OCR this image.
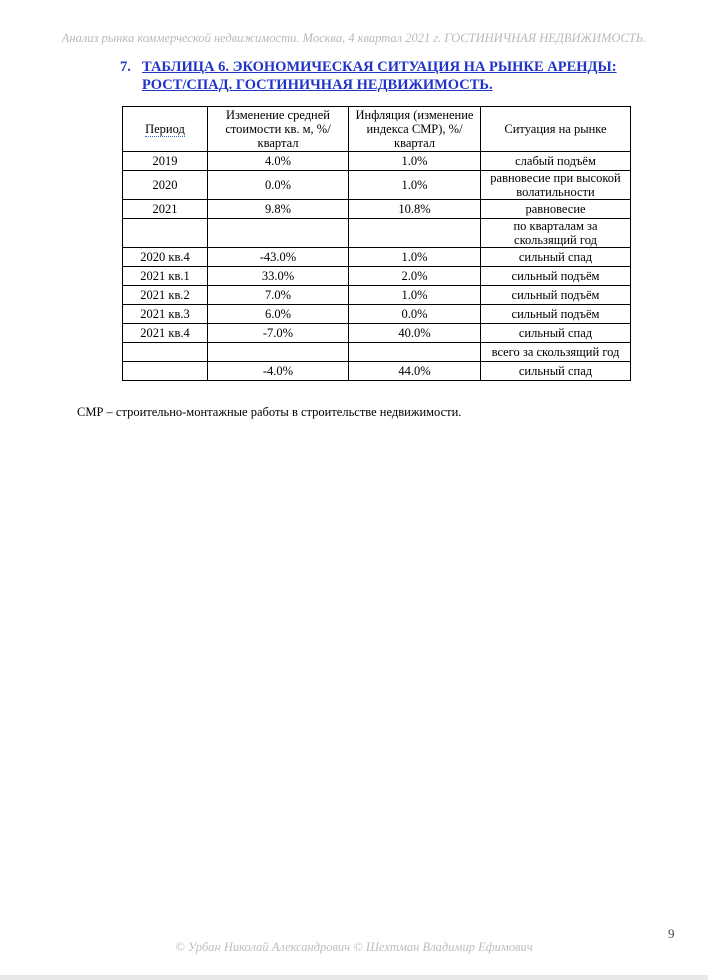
Анализ рынка коммерческой недвижимости. Москва, 4 квартал 2021 г. ГОСТИНИЧНАЯ НЕДВИЖИМОСТЬ.
7. ТАБЛИЦА 6. ЭКОНОМИЧЕСКАЯ СИТУАЦИЯ НА РЫНКЕ АРЕНДЫ:
РОСТ/СПАД. ГОСТИНИЧНАЯ НЕДВИЖИМОСТЬ.
Период	Изменение средней стоимости кв. м, %/квартал	Инфляция (изменение индекса СМР), %/ квартал	Ситуация на рынке
2019	4.0%	1.0%	слабый подъём
2020	0.0%	1.0%	равновесие при высокой волатильности
2021	9.8%	10.8%	равновесие
			по кварталам за скользящий год
2020 кв.4	-43.0%	1.0%	сильный спад
2021 кв.1	33.0%	2.0%	сильный подъём
2021 кв.2	7.0%	1.0%	сильный подъём
2021 кв.3	6.0%	0.0%	сильный подъём
2021 кв.4	-7.0%	40.0%	сильный спад
			всего за скользящий год
	-4.0%	44.0%	сильный спад
СМР – строительно-монтажные работы в строительстве недвижимости.
9
© Урбан Николай Александрович © Шехтман Владимир Ефимович
